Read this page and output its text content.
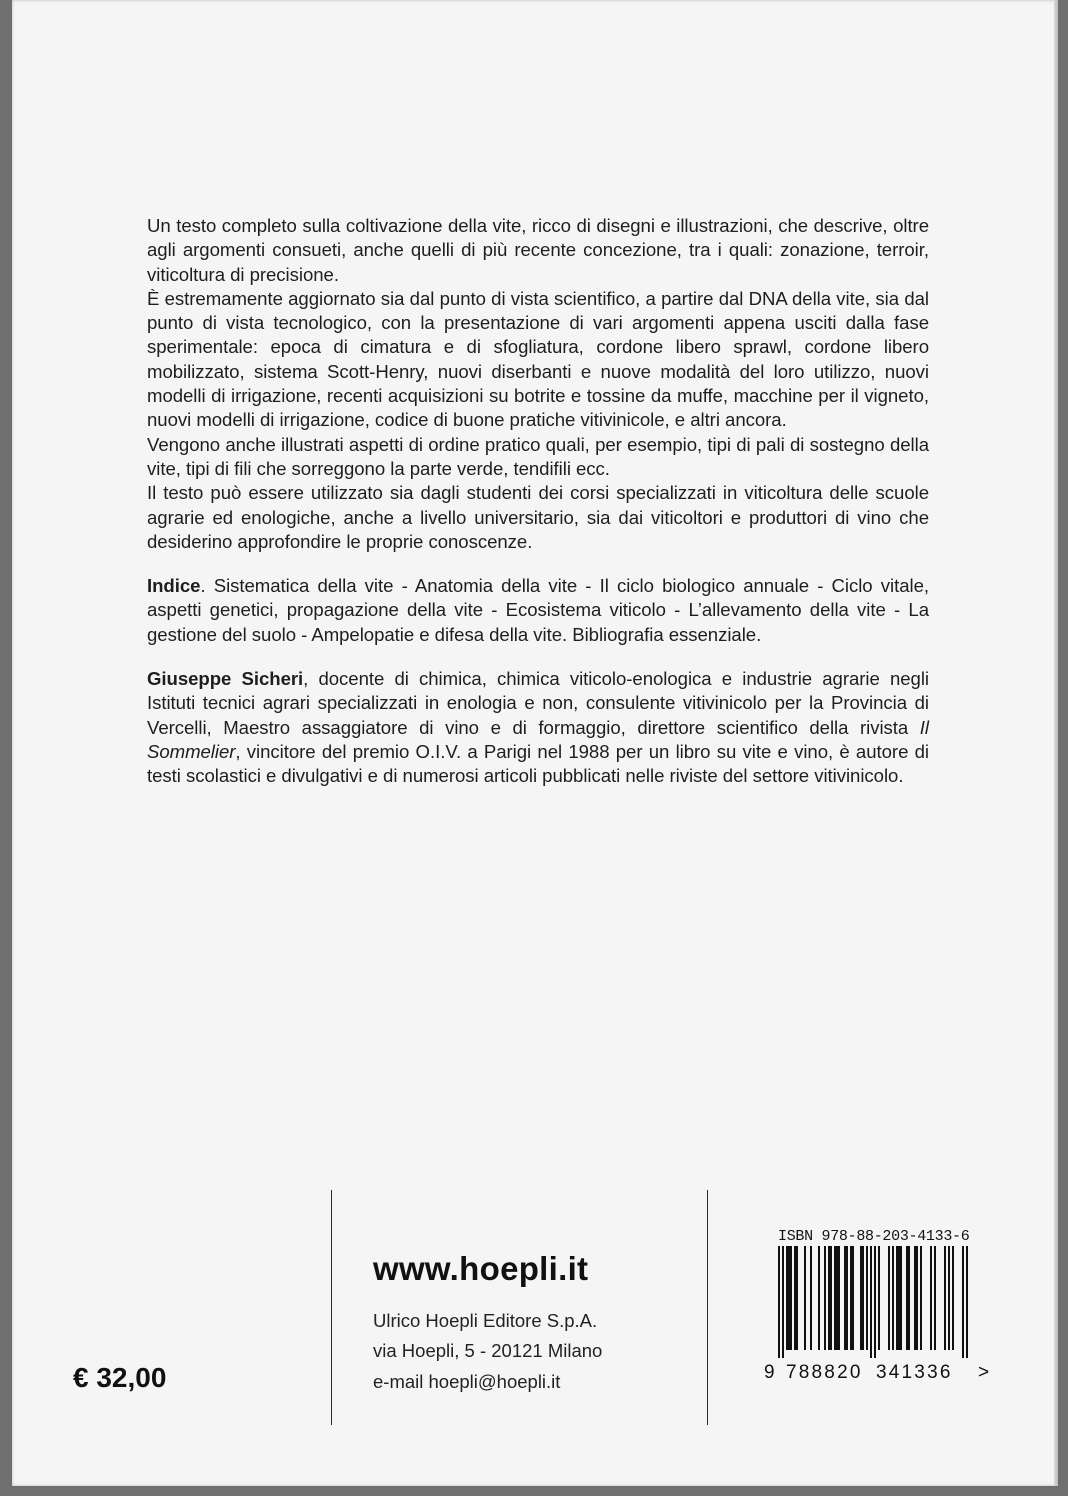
Un testo completo sulla coltivazione della vite, ricco di disegni e illustrazioni, che descrive, oltre agli argomenti consueti, anche quelli di più recente concezione, tra i quali: zonazione, terroir, viticoltura di precisione.

È estremamente aggiornato sia dal punto di vista scientifico, a partire dal DNA della vite, sia dal punto di vista tecnologico, con la presentazione di vari argomenti appena usciti dalla fase sperimentale: epoca di cimatura e di sfogliatura, cordone libero sprawl, cordone libero mobilizzato, sistema Scott-Henry, nuovi diserbanti e nuove modalità del loro utilizzo, nuovi modelli di irrigazione, recenti acquisizioni su botrite e tossine da muffe, macchine per il vigneto, nuovi modelli di irrigazione, codice di buone pratiche vitivinicole, e altri ancora.

Vengono anche illustrati aspetti di ordine pratico quali, per esempio, tipi di pali di sostegno della vite, tipi di fili che sorreggono la parte verde, tendifili ecc.

Il testo può essere utilizzato sia dagli studenti dei corsi specializzati in viticoltura delle scuole agrarie ed enologiche, anche a livello universitario, sia dai viticoltori e produttori di vino che desiderino approfondire le proprie conoscenze.

Indice. Sistematica della vite - Anatomia della vite - Il ciclo biologico annuale - Ciclo vitale, aspetti genetici, propagazione della vite - Ecosistema viticolo - L’allevamento della vite - La gestione del suolo - Ampelopatie e difesa della vite. Bibliografia essenziale.

Giuseppe Sicheri, docente di chimica, chimica viticolo-enologica e industrie agrarie negli Istituti tecnici agrari specializzati in enologia e non, consulente vitivinicolo per la Provincia di Vercelli, Maestro assaggiatore di vino e di formaggio, direttore scientifico della rivista Il Sommelier, vincitore del premio O.I.V. a Parigi nel 1988 per un libro su vite e vino, è autore di testi scolastici e divulgativi e di numerosi articoli pubblicati nelle riviste del settore vitivinicolo.

www.hoepli.it
Ulrico Hoepli Editore S.p.A.
via Hoepli, 5 - 20121 Milano
e-mail hoepli@hoepli.it
€ 32,00
ISBN 978-88-203-4133-6

9

788820

341336

>
